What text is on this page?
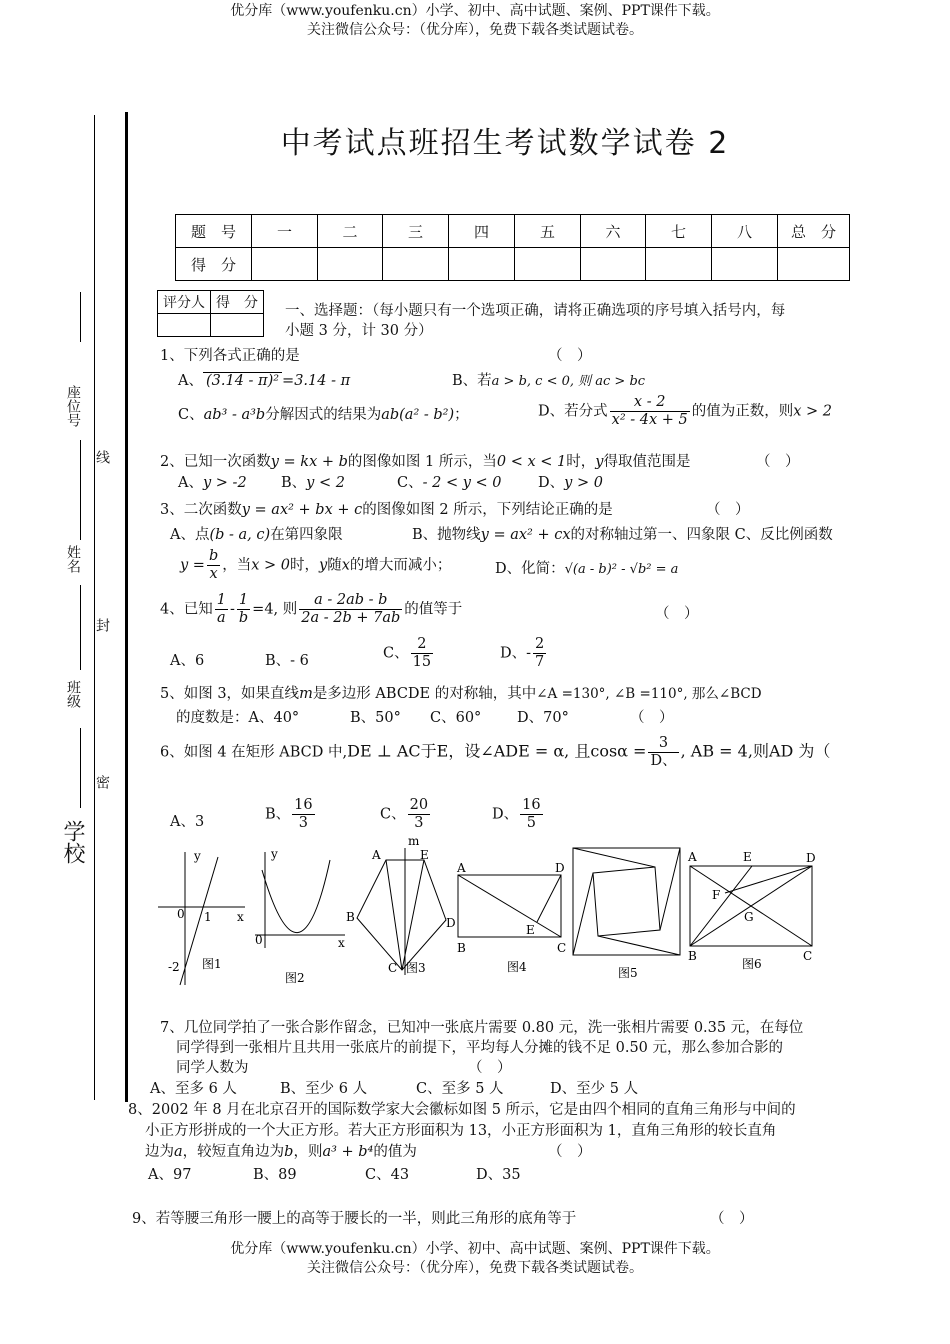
优分库（www.youfenku.cn）小学、初中、高中试题、案例、PPT课件下载。
关注微信公众号：（优分库），免费下载各类试题试卷。
优分库（www.youfenku.cn）小学、初中、高中试题、案例、PPT课件下载。
关注微信公众号：（优分库），免费下载各类试题试卷。
座位号
线
姓名
封
班级
密
学校
中考试点班招生考试数学试卷 2
题　号	一	二	三	四	五	六	七	八	总　分
得　分									
评分人	得　分
	一、选择题：（每小题只有一个选项正确，请将正确选项的序号填入括号内，每
小题 3 分，计 30 分）
1、下列各式正确的是	（　）
A、 (3.14 - π)² =3.14 - π	B、若a > b, c < 0, 则 ac > bc
C、ab³ - a³b分解因式的结果为ab(a² - b²)；	D、若分式 $\frac{x - 2}{\text{x² - 4x + 5}}$ 的值为正数，则x > 2
2、已知一次函数y = kx + b的图像如图 1 所示，当0 < x < 1时，y得取值范围是	（　）
A、y > -2 B、y < 2	C、- 2 < y < 0	D、y > 0
3、二次函数y = ax² + bx + c的图像如图 2 所示，下列结论正确的是	（　）
A、点(b - a, c)在第四象限	B、抛物线y = ax² + cx的对称轴过第一、四象限 C、反比例函数
$y = \frac{b}{x}$ ，当x > 0时，y随x的增大而减小；	D、化简：√(a - b)² - √b² = a
4、已知 $\frac{1}{a} - \frac{1}{b} =4$, 则 $\frac{a - 2ab - b}{2a - 2b + 7ab}$ 的值等于	（　）
A、6	B、- 6	C、 $\frac{2}{15}$	D、- $\frac{2}{7}$
5、如图 3，如果直线m是多边形 ABCDE 的对称轴，其中∠A =130°, ∠B =110°, 那么∠BCD
的度数是：A、40°	B、50° C、60° D、70°	（　）
6、如图 4 在矩形 ABCD 中,DE ⊥ AC于E，设∠ADE = α, 且$\cos\alpha = \frac{3}{D、}$ , AB = 4,则AD 为（
A、3	B、 $\frac{16}{3}$	C、 $\frac{20}{3}$	D、 $\frac{16}{5}$
y
x
0 1
-2 图1
y
x
0
图2
m
A	E
B	D
C 图3
A	D
B	C
E
图4	图5
A	E	D
F
G
B	C
图6
7、几位同学拍了一张合影作留念，已知冲一张底片需要 0.80 元，洗一张相片需要 0.35 元，在每位
同学得到一张相片且共用一张底片的前提下，平均每人分摊的钱不足 0.50 元，那么参加合影的
同学人数为	（　）
A、至多 6 人	B、至少 6 人	C、至多 5 人	D、至少 5 人
8、2002 年 8 月在北京召开的国际数学家大会徽标如图 5 所示，它是由四个相同的直角三角形与中间的
小正方形拼成的一个大正方形。若大正方形面积为 13，小正方形面积为 1，直角三角形的较长直角
边为a，较短直角边为b，则a³ + b⁴的值为	（　）
A、97	B、89	C、43	D、35
9、若等腰三角形一腰上的高等于腰长的一半，则此三角形的底角等于	（　）
